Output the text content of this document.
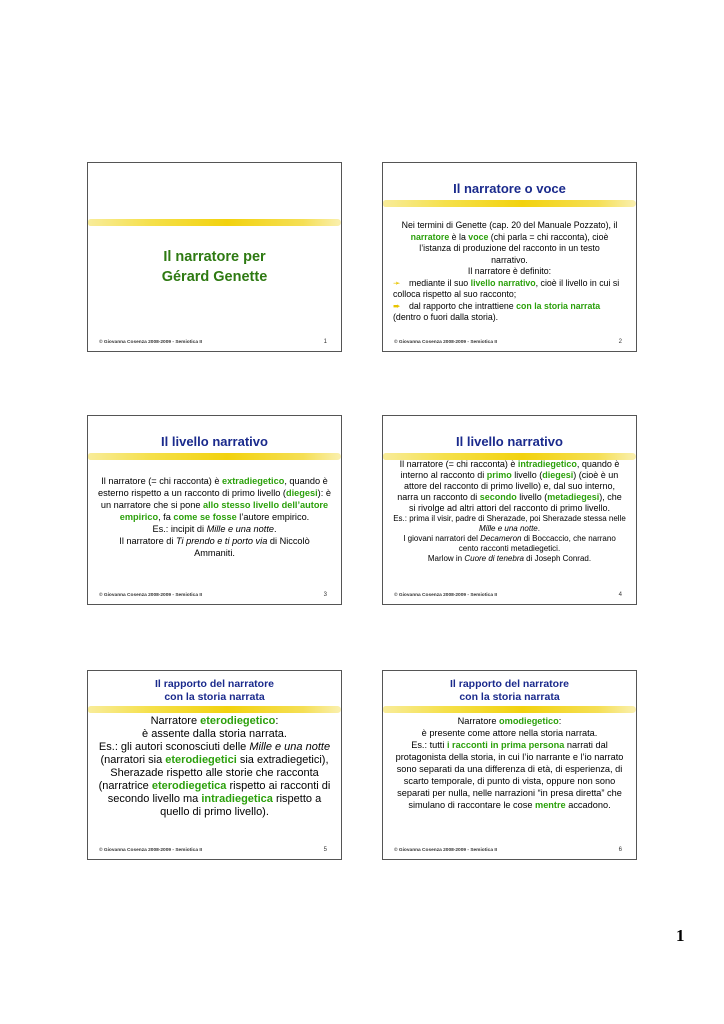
Il narratore per
Gérard Genette
© Giovanna Cosenza 2008-2009 - Semiotica II	1
Il narratore o voce

Nei termini di Genette (cap. 20 del Manuale Pozzato), il narratore è la voce (chi parla = chi racconta), cioè l’istanza di produzione del racconto in un testo narrativo.

Il narratore è definito:

➛ mediante il suo livello narrativo, cioè il livello in cui si colloca rispetto al suo racconto;

➨ dal rapporto che intrattiene con la storia narrata (dentro o fuori dalla storia).

© Giovanna Cosenza 2008-2009 - Semiotica II	2
Il livello narrativo

Il narratore (= chi racconta) è extradiegetico, quando è esterno rispetto a un racconto di primo livello (diegesi): è un narratore che si pone allo stesso livello dell’autore empirico, fa come se fosse l’autore empirico.

Es.: incipit di Mille e una notte.

Il narratore di Ti prendo e ti porto via di Niccolò Ammaniti.

© Giovanna Cosenza 2008-2009 - Semiotica II	3
Il livello narrativo

Il narratore (= chi racconta) è intradiegetico, quando è interno al racconto di primo livello (diegesi) (cioè è un attore del racconto di primo livello) e, dal suo interno, narra un racconto di secondo livello (metadiegesi), che si rivolge ad altri attori del racconto di primo livello.

Es.: prima il visir, padre di Sherazade, poi Sherazade stessa nelle Mille e una notte.

I giovani narratori del Decameron di Boccaccio, che narrano cento racconti metadiegetici.

Marlow in Cuore di tenebra di Joseph Conrad.

© Giovanna Cosenza 2008-2009 - Semiotica II	4
Il rapporto del narratore
con la storia narrata

Narratore eterodiegetico:

è assente dalla storia narrata.

Es.: gli autori sconosciuti delle Mille e una notte (narratori sia eterodiegetici sia extradiegetici), Sherazade rispetto alle storie che racconta (narratrice eterodiegetica rispetto ai racconti di secondo livello ma intradiegetica rispetto a quello di primo livello).

© Giovanna Cosenza 2008-2009 - Semiotica II	5
Il rapporto del narratore
con la storia narrata

Narratore omodiegetico:

è presente come attore nella storia narrata.

Es.: tutti i racconti in prima persona narrati dal protagonista della storia, in cui l’io narrante e l’io narrato sono separati da una differenza di età, di esperienza, di scarto temporale, di punto di vista, oppure non sono separati per nulla, nelle narrazioni “in presa diretta” che simulano di raccontare le cose mentre accadono.

© Giovanna Cosenza 2008-2009 - Semiotica II	6
1
